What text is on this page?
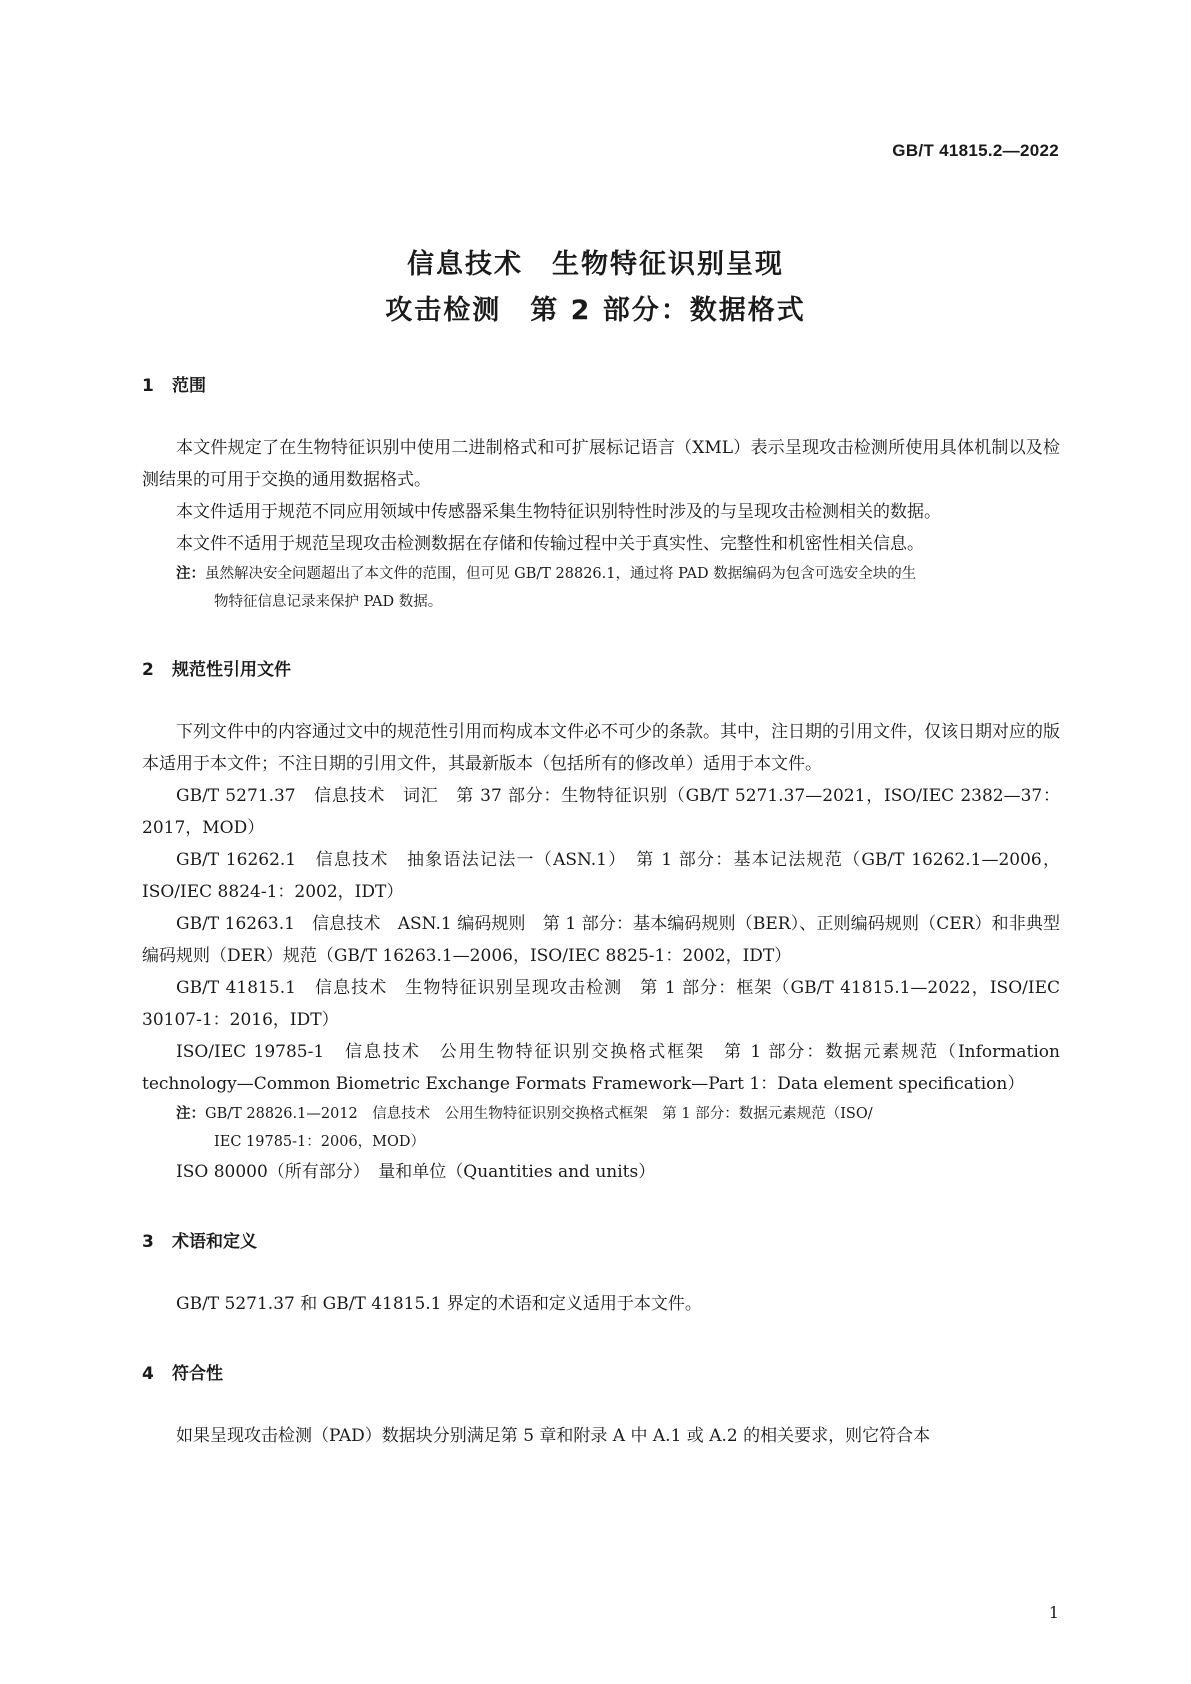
GB/T 41815.2—2022
信息技术　生物特征识别呈现
攻击检测　第 2 部分：数据格式
1 范围

本文件规定了在生物特征识别中使用二进制格式和可扩展标记语言（XML）表示呈现攻击检测所使用具体机制以及检测结果的可用于交换的通用数据格式。

本文件适用于规范不同应用领域中传感器采集生物特征识别特性时涉及的与呈现攻击检测相关的数据。

本文件不适用于规范呈现攻击检测数据在存储和传输过程中关于真实性、完整性和机密性相关信息。

注：虽然解决安全问题超出了本文件的范围，但可见 GB/T 28826.1，通过将 PAD 数据编码为包含可选安全块的生
物特征信息记录来保护 PAD 数据。

2 规范性引用文件

下列文件中的内容通过文中的规范性引用而构成本文件必不可少的条款。其中，注日期的引用文件，仅该日期对应的版本适用于本文件；不注日期的引用文件，其最新版本（包括所有的修改单）适用于本文件。

GB/T 5271.37　信息技术　词汇　第 37 部分：生物特征识别（GB/T 5271.37—2021，ISO/IEC 2382—37：2017，MOD）

GB/T 16262.1　信息技术　抽象语法记法一（ASN.1）　第 1 部分：基本记法规范（GB/T 16262.1—2006，ISO/IEC 8824-1：2002，IDT）

GB/T 16263.1　信息技术　ASN.1 编码规则　第 1 部分：基本编码规则（BER）、正则编码规则（CER）和非典型编码规则（DER）规范（GB/T 16263.1—2006，ISO/IEC 8825-1：2002，IDT）

GB/T 41815.1　信息技术　生物特征识别呈现攻击检测　第 1 部分：框架（GB/T 41815.1—2022，ISO/IEC 30107-1：2016，IDT）

ISO/IEC 19785-1　信息技术　公用生物特征识别交换格式框架　第 1 部分：数据元素规范（Information technology—Common Biometric Exchange Formats Framework—Part 1：Data element specification）

注：GB/T 28826.1—2012　信息技术　公用生物特征识别交换格式框架　第 1 部分：数据元素规范（ISO/
IEC 19785-1：2006，MOD）

ISO 80000（所有部分）　量和单位（Quantities and units）

3 术语和定义

GB/T 5271.37 和 GB/T 41815.1 界定的术语和定义适用于本文件。

4 符合性

如果呈现攻击检测（PAD）数据块分别满足第 5 章和附录 A 中 A.1 或 A.2 的相关要求，则它符合本

1
